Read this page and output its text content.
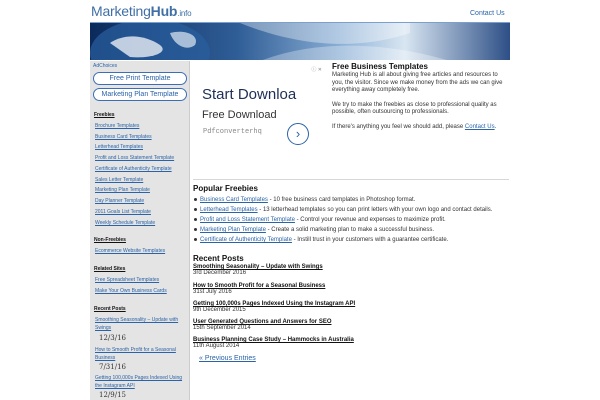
MarketingHub.info	Contact Us
AdChoices
Free Print Template
Marketing Plan Template
Freebies
Brochure Templates
Business Card Templates
Letterhead Templates
Profit and Loss Statement Template
Certificate of Authenticity Template
Sales Letter Template
Marketing Plan Template
Day Planner Template
2011 Goals List Template
Weekly Schedule Template
Non-Freebies
Ecommerce Website Templates
Related Sites
Free Spreadsheet Templates
Make Your Own Business Cards
Recent Posts
Smoothing Seasonality – Update with Swings
12/3/16
How to Smooth Profit for a Seasonal Business
7/31/16
Getting 100,000s Pages Indexed Using the Instagram API
12/9/15
ⓘ ✕
Start Downloa
Free Download
Pdfconverterhq	›
Free Business Templates

Marketing Hub is all about giving free articles and resources to you, the visitor. Since we make money from the ads we can give everything away completely free.

We try to make the freebies as close to professional quality as possible, often outsourcing to professionals.

If there's anything you feel we should add, please Contact Us.

Popular Freebies
Business Card Templates - 10 free business card templates in Photoshop format.
Letterhead Templates - 13 letterhead templates so you can print letters with your own logo and contact details.
Profit and Loss Statement Template - Control your revenue and expenses to maximize profit.
Marketing Plan Template - Create a solid marketing plan to make a successful business.
Certificate of Authenticity Template - Instill trust in your customers with a guarantee certificate.
Recent Posts
Smoothing Seasonality – Update with Swings
3rd December 2016
How to Smooth Profit for a Seasonal Business
31st July 2016
Getting 100,000s Pages Indexed Using the Instagram API
9th December 2015
User Generated Questions and Answers for SEO
15th September 2014
Business Planning Case Study – Hammocks in Australia
11th August 2014
« Previous Entries
